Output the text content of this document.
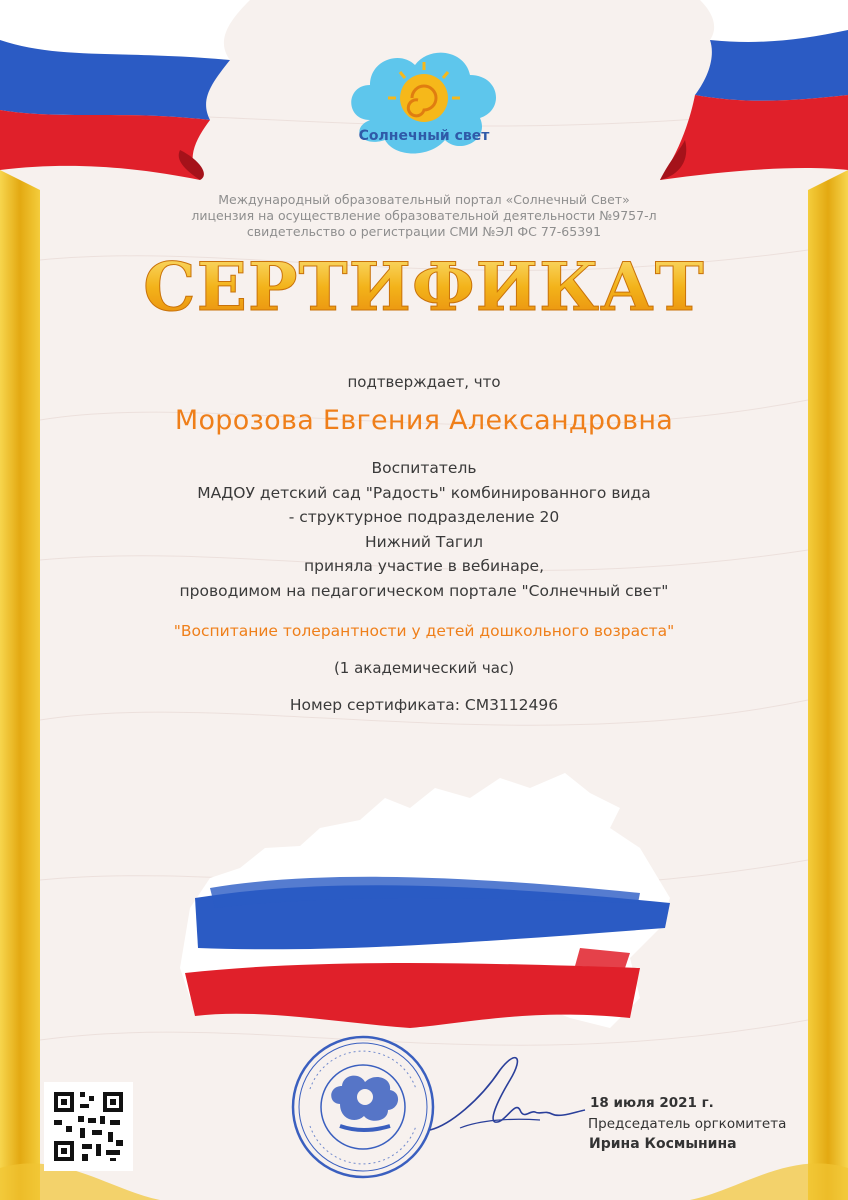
Солнечный свет
Международный образовательный портал «Солнечный Свет»
лицензия на осуществление образовательной деятельности №9757-л
свидетельство о регистрации СМИ №ЭЛ ФС 77-65391
СЕРТИФИКАТ
подтверждает, что
Морозова Евгения Александровна
Воспитатель
МАДОУ детский сад "Радость" комбинированного вида
- структурное подразделение 20
Нижний Тагил
приняла участие в вебинаре,
проводимом на педагогическом портале "Солнечный свет"
"Воспитание толерантности у детей дошкольного возраста"
(1 академический час)
Номер сертификата: СМ3112496
18 июля 2021 г.
Председатель оргкомитета
Ирина Космынина
